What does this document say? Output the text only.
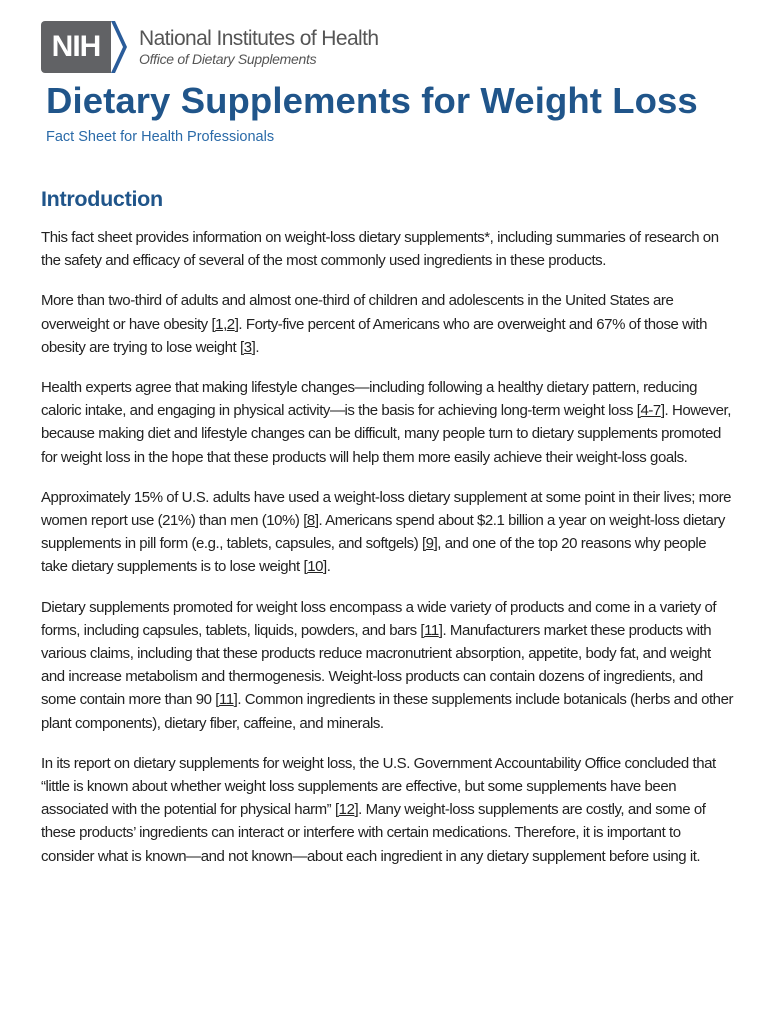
NIH National Institutes of Health
Office of Dietary Supplements
Dietary Supplements for Weight Loss
Fact Sheet for Health Professionals
Introduction

This fact sheet provides information on weight-loss dietary supplements*, including summaries of research on the safety and efficacy of several of the most commonly used ingredients in these products.

More than two-third of adults and almost one-third of children and adolescents in the United States are overweight or have obesity [1,2]. Forty-five percent of Americans who are overweight and 67% of those with obesity are trying to lose weight [3].

Health experts agree that making lifestyle changes—including following a healthy dietary pattern, reducing caloric intake, and engaging in physical activity—is the basis for achieving long-term weight loss [4-7]. However, because making diet and lifestyle changes can be difficult, many people turn to dietary supplements promoted for weight loss in the hope that these products will help them more easily achieve their weight-loss goals.

Approximately 15% of U.S. adults have used a weight-loss dietary supplement at some point in their lives; more women report use (21%) than men (10%) [8]. Americans spend about $2.1 billion a year on weight-loss dietary supplements in pill form (e.g., tablets, capsules, and softgels) [9], and one of the top 20 reasons why people take dietary supplements is to lose weight [10].

Dietary supplements promoted for weight loss encompass a wide variety of products and come in a variety of forms, including capsules, tablets, liquids, powders, and bars [11]. Manufacturers market these products with various claims, including that these products reduce macronutrient absorption, appetite, body fat, and weight and increase metabolism and thermogenesis. Weight-loss products can contain dozens of ingredients, and some contain more than 90 [11]. Common ingredients in these supplements include botanicals (herbs and other plant components), dietary fiber, caffeine, and minerals.

In its report on dietary supplements for weight loss, the U.S. Government Accountability Office concluded that “little is known about whether weight loss supplements are effective, but some supplements have been associated with the potential for physical harm” [12]. Many weight-loss supplements are costly, and some of these products’ ingredients can interact or interfere with certain medications. Therefore, it is important to consider what is known—and not known—about each ingredient in any dietary supplement before using it.
